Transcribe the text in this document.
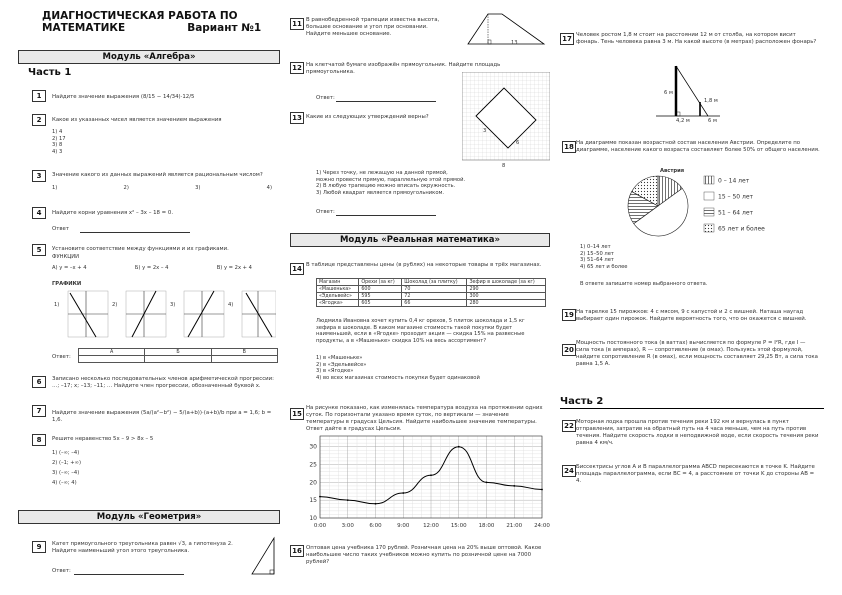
ДИАГНОСТИЧЕСКАЯ РАБОТА ПО
МАТЕМАТИКЕ	Вариант №1
Модуль «Алгебра»
Часть 1
1	Найдите значение выражения (8/15 − 14/34)·12/5
2	Какое из указанных чисел является значением выражения
1) 4
2) 17
3) 8
4) 3
3	Значение какого из данных выражений является рациональным числом?
1)	2)	3)	4)
4	Найдите корни уравнения x² – 3x – 18 = 0.
Ответ
5	Установите соответствие между функциями и их графиками.
ФУНКЦИИ
А) y = –x + 4	Б) y = 2x – 4	В) y = 2x + 4
ГРАФИКИ
1)	2)	3)	4)
Ответ:
А	Б	В

6	Записано несколько последовательных членов арифметической прогрессии: …; –17; x; –13; –11; … Найдите член прогрессии, обозначенный буквой x.
7	Найдите значение выражения (5a/(a²−b²) − 5/(a+b))·(a+b)/b при a = 1,6; b = 1,6.
8	Решите неравенство 5x – 9 > 8x – 5
1) (–∞; –4)
2) (–1; +∞)
3) (–∞; –4)
4) (–∞; 4)
Модуль «Геометрия»
9	Катет прямоугольного треугольника равен √3, а гипотенуза 2. Найдите наименьший угол этого треугольника.
Ответ:
11 В равнобедренной трапеции известна высота, большее основание и угол при основании. Найдите меньшее основание.
13
12 На клетчатой бумаге изображён прямоугольник. Найдите площадь прямоугольника.
Ответ:
13 Какие из следующих утверждений верны?
3
6
8
1) Через точку, не лежащую на данной прямой, можно провести прямую, параллельную этой прямой.
2) В любую трапецию можно вписать окружность.
3) Любой квадрат является прямоугольником.
Ответ:
Модуль «Реальная математика»
14 В таблице представлены цены (в рублях) на некоторые товары в трёх магазинах.
Магазин	Орехи (за кг)	Шоколад (за плитку)	Зефир в шоколаде (за кг)
«Машенька»	600	70	290
«Эдельвейс»	595	72	300
«Ягодка»	605	66	280
Людмила Ивановна хочет купить 0,4 кг орехов, 5 плиток шоколада и 1,5 кг зефира в шоколаде. В каком магазине стоимость такой покупки будет наименьшей, если в «Ягодке» проходит акция — скидка 15% на развесные продукты, а в «Машеньке» скидка 10% на весь ассортимент?
1) в «Машеньке»
2) в «Эдельвейсе»
3) в «Ягодке»
4) во всех магазинах стоимость покупки будет одинаковой
15
На рисунке показано, как изменялась температура воздуха на протяжении одних суток. По горизонтали указано время суток, по вертикали — значение температуры в градусах Цельсия. Найдите наибольшее значение температуры. Ответ дайте в градусах Цельсия.
10
15
20
25
30
0:00	3:00	6:00	9:00 12:00 15:00 18:00 21:00 24:00
16 Оптовая цена учебника 170 рублей. Розничная цена на 20% выше оптовой. Какое наибольшее число таких учебников можно купить по розничной цене на 7000 рублей?
17 Человек ростом 1,8 м стоит на расстоянии 12 м от столба, на котором висит фонарь. Тень человека равна 3 м. На какой высоте (в метрах) расположен фонарь?
6 м
1,8 м
4,2 м	6 м
18 На диаграмме показан возрастной состав населения Австрии. Определите по диаграмме, население какого возраста составляет более 50% от общего населения.
Австрия
0 – 14 лет
15 – 50 лет
51 – 64 лет
65 лет и более
1) 0–14 лет
2) 15–50 лет
3) 51–64 лет
4) 65 лет и более
В ответе запишите номер выбранного ответа.
19 На тарелке 15 пирожков: 4 с мясом, 9 с капустой и 2 с вишней. Наташа наугад выбирает один пирожок. Найдите вероятность того, что он окажется с вишней.
20
Мощность постоянного тока (в ваттах) вычисляется по формуле P = I²R, где I — сила тока (в амперах), R — сопротивление (в омах). Пользуясь этой формулой, найдите сопротивление R (в омах), если мощность составляет 29,25 Вт, а сила тока равна 1,5 А.
Часть 2
22 Моторная лодка прошла против течения реки 192 км и вернулась в пункт отправления, затратив на обратный путь на 4 часа меньше, чем на путь против течения. Найдите скорость лодки в неподвижной воде, если скорость течения реки равна 4 км/ч.
24 Биссектрисы углов A и B параллелограмма ABCD пересекаются в точке K. Найдите площадь параллелограмма, если BC = 4, а расстояние от точки K до стороны AB = 4.
